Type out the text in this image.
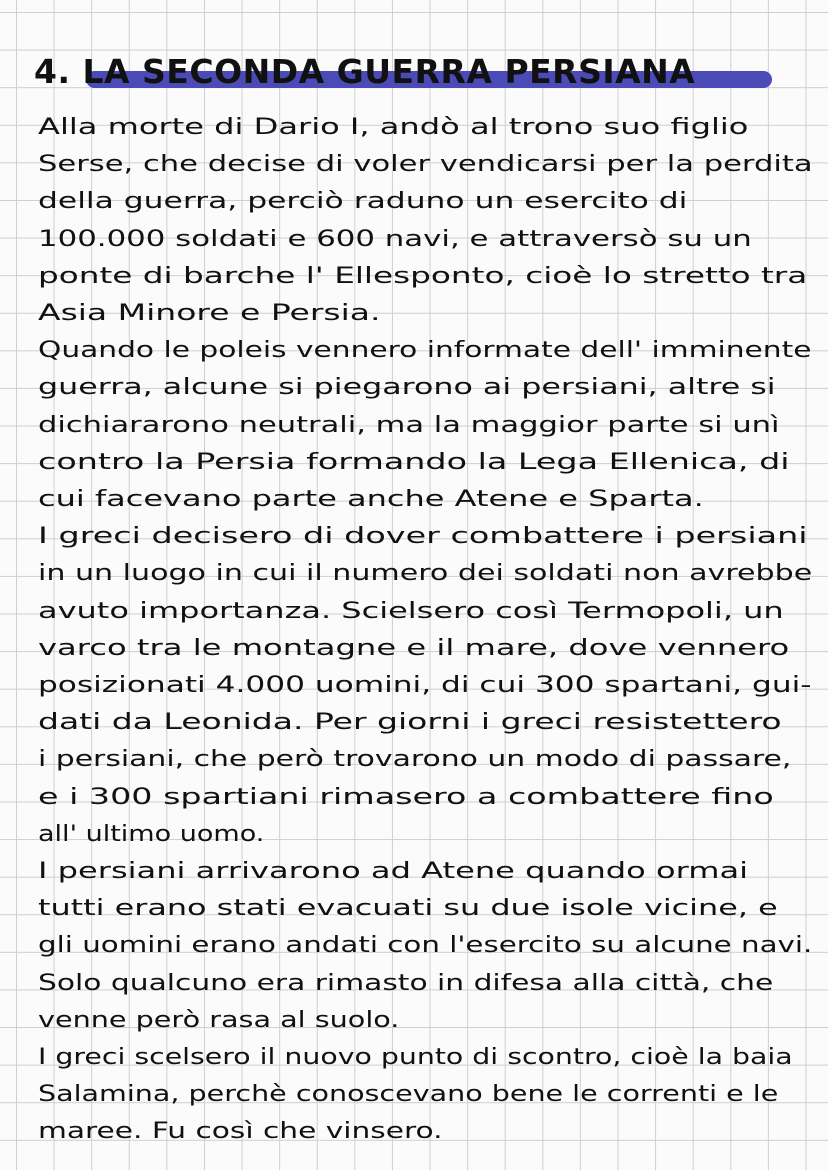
4. LA SECONDA GUERRA PERSIANA
Alla morte di Dario I, andò al trono suo figlio
Serse, che decise di voler vendicarsi per la perdita
della guerra, perciò raduno un esercito di
100.000 soldati e 600 navi, e attraversò su un
ponte di barche l' Ellesponto, cioè lo stretto tra
Asia Minore e Persia.
Quando le poleis vennero informate dell' imminente
guerra, alcune si piegarono ai persiani, altre si
dichiararono neutrali, ma la maggior parte si unì
contro la Persia formando la Lega Ellenica, di
cui facevano parte anche Atene e Sparta.
I greci decisero di dover combattere i persiani
in un luogo in cui il numero dei soldati non avrebbe
avuto importanza. Scielsero così Termopoli, un
varco tra le montagne e il mare, dove vennero
posizionati 4.000 uomini, di cui 300 spartani, gui-
dati da Leonida. Per giorni i greci resistettero
i persiani, che però trovarono un modo di passare,
e i 300 spartiani rimasero a combattere fino
all' ultimo uomo.
I persiani arrivarono ad Atene quando ormai
tutti erano stati evacuati su due isole vicine, e
gli uomini erano andati con l'esercito su alcune navi.
Solo qualcuno era rimasto in difesa alla città, che
venne però rasa al suolo.
I greci scelsero il nuovo punto di scontro, cioè la baia
Salamina, perchè conoscevano bene le correnti e le
maree. Fu così che vinsero.
